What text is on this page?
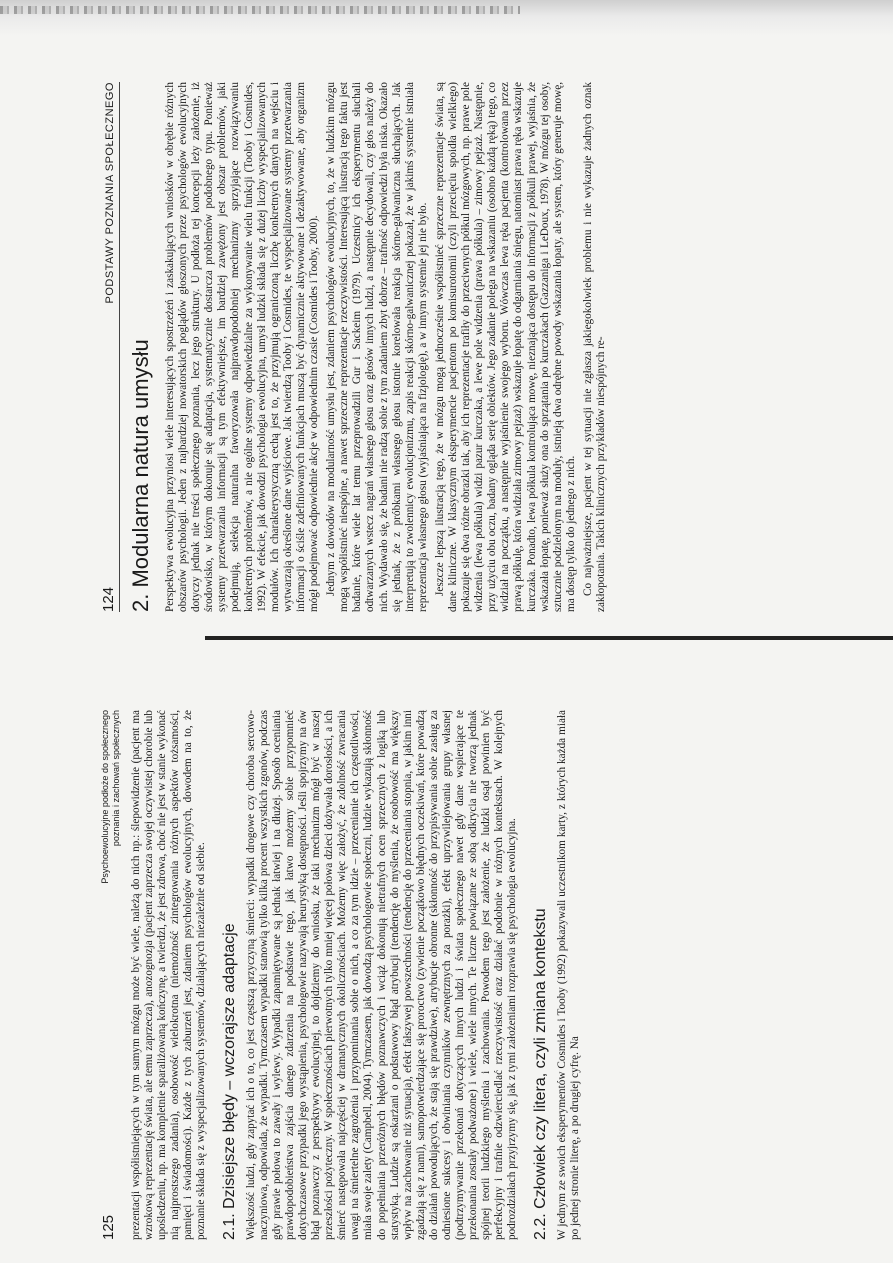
124
PODSTAWY POZNANIA SPOŁECZNEGO
2. Modularna natura umysłu Perspektywa ewolucyjna przyniosi wiele interesujących spostrzeżeń i zaskakujących wniosków w obrębie różnych obszarów psychologii. Jeden z najbardziej nowatorskich poglądów głoszonych przez psychologów ewolucyjnych dotyczy jednak nie treści społecznego poznania, lecz jego struktury. U podłoża tej koncepcji leży założenie, iż środowisko, w którym dokonuje się adaptacja, systematycznie dostarcza problemów podobnego typu. Ponieważ systemy przetwarzania informacji są tym efektywniejsze, im bardziej zawężony jest obszar problemów, jaki podejmują, selekcja naturalna faworyzowała najprawdopodobniej mechanizmy sprzyjające rozwiązywaniu konkretnych problemów, a nie ogólne systemy odpowiedzialne za wykonywanie wielu funkcji (Tooby i Cosmides, 1992). W efekcie, jak dowodzi psychologia ewolucyjna, umysł ludzki składa się z dużej liczby wyspecjalizowanych modułów. Ich charakterystyczną cechą jest to, że przyjmują ograniczoną liczbę konkretnych danych na wejściu i wytwarzają określone dane wyjściowe. Jak twierdzą Tooby i Cosmides, te wyspecjalizowane systemy przetwarzania informacji o ściśle zdefiniowanych funkcjach muszą być dynamicznie aktywowane i dezaktywowane, aby organizm mógł podejmować odpowiednie akcje w odpowiednim czasie (Cosmides i Tooby, 2000). Jednym z dowodów na modularność umysłu jest, zdaniem psychologów ewolucyjnych, to, że w ludzkim mózgu mogą współistnieć niespójne, a nawet sprzeczne reprezentacje rzeczywistości. Interesującą ilustracją tego faktu jest badanie, które wiele lat temu przeprowadzili Gur i Sackeim (1979). Uczestnicy ich eksperymentu słuchali odtwarzanych wstecz nagrań własnego głosu oraz głosów innych ludzi, a następnie decydowali, czy głos należy do nich. Wydawało się, że badani nie radzą sobie z tym zadaniem zbyt dobrze – trafność odpowiedzi była niska. Okazało się jednak, że z próbkami własnego głosu istotnie korelowała reakcja skórno-galwaniczna słuchających. Jak interpretują to zwolennicy ewolucjonizmu, zapis reakcji skórno-galwanicznej pokazał, że w jakimś systemie istniała reprezentacja własnego głosu (wyjaśniająca na fizjologię), a w innym systemie jej nie było. Jeszcze lepszą ilustracją tego, że w mózgu mogą jednocześnie współistnieć sprzeczne reprezentacje świata, są dane kliniczne. W klasycznym eksperymencie pacjentom po komisurotomii (czyli przecięciu spoidła wielkiego) pokazuje się dwa różne obrazki tak, aby ich reprezentacje trafiły do przeciwnych półkul mózgowych, np. prawe pole widzenia (lewa półkula) widzi pazur kurczaka, a lewe pole widzenia (prawa półkula) – zimowy pejzaż. Następnie, przy użyciu obu oczu, badany ogląda serię obiektów. Jego zadanie polega na wskazaniu (osobno każdą ręką) tego, co widział na początku, a następnie wyjaśnienie swojego wyboru. Wówczas lewa ręka pacjenta (kontrolowana przez prawą półkulę, która widziała zimowy pejzaż) wskazuje łopatę do odgarniania śniegu, natomiast prawa ręka wskazuje kurczaka. Ponadto, lewa półkula kontrolująca mowę, nieznająca dostępu do informacji z półkuli prawej, wyjaśnia, że wskazała łopatę, ponieważ służy ona do sprzątania po kurczakach (Gazzaniga i LeDoux, 1978). W mózgu tej osoby, sztucznie podzielonym na moduły, istnieją dwa odrębne powody wskazania łopaty, ale system, który generuje mowę, ma dostęp tylko do jednego z nich. Co najważniejsze, pacjent w tej sytuacji nie zgłasza jakiegokolwiek problemu i nie wykazuje żadnych oznak zakłopotania. Takich klinicznych przykładów niespójnych re-

125
Psychoewolucyjne podłoże do społecznego
poznania i zachowań społecznych prezentacji współistniejących w tym samym mózgu może być wiele, należą do nich np.: ślepowidzenie (pacjent ma wzrokową reprezentację świata, ale temu zaprzecza), anozognozja (pacjent zaprzecza swojej oczywistej chorobie lub upośledzeniu, np. ma kompletnie sparaliżowaną kończynę, a twierdzi, że jest zdrowa, choć nie jest w stanie wykonać nią najprostszego zadania), osobowość wielokrotna (niemożność zintegrowania różnych aspektów tożsamości, pamięci i świadomości). Każde z tych zaburzeń jest, zdaniem psychologów ewolucyjnych, dowodem na to, że poznanie składa się z wyspecjalizowanych systemów, działających niezależnie od siebie. 2.1. Dzisiejsze błędy – wczorajsze adaptacje Większość ludzi, gdy zapytać ich o to, co jest częstszą przyczyną śmierci: wypadki drogowe czy choroba sercowo-naczyniowa, odpowiada, że wypadki. Tymczasem wypadki stanowią tylko kilka procent wszystkich zgonów, podczas gdy prawie połowa to zawały i wylewy. Wypadki zapamiętywane są jednak łatwiej i na dłużej. Sposób oceniania prawdopodobieństwa zajścia danego zdarzenia na podstawie tego, jak łatwo możemy sobie przypomnieć dotychczasowe przypadki jego wystąpienia, psychologowie nazywają heurystyką dostępności. Jeśli spojrzymy na ów błąd poznawczy z perspektywy ewolucyjnej, to dojdziemy do wniosku, że taki mechanizm mógł być w naszej przeszłości pożyteczny. W społecznościach pierwotnych tylko mniej więcej połowa dzieci dożywała dorosłości, a ich śmierć następowała najczęściej w dramatycznych okolicznościach. Możemy więc założyć, że zdolność zwracania uwagi na śmiertelne zagrożenia i przypominania sobie o nich, a co za tym idzie – przecenianie ich częstotliwości, miała swoje zalety (Campbell, 2004). Tymczasem, jak dowodzą psychologowie społeczni, ludzie wykazują skłonność do popełniania przeróżnych błędów poznawczych i wciąż dokonują nietrafnych ocen sprzecznych z logiką lub statystyką. Ludzie są oskarżani o podstawowy błąd atrybucji (tendencję do myślenia, że osobowość ma większy wpływ na zachowanie niż sytuacja), efekt fałszywej powszechności (tendencję do przeceniania stopnia, w jakim inni zgadzają się z nami), samopotwierdzające się proroctwo (zywienie początkowo błędnych oczekiwań, które powadzą do działań powodujących, że stają się prawdziwe), atrybucje obronne (skłonność do przypisywania sobie zasług za odniesione sukcesy i obwiniania czynników zewnętrznych za porażki), efekt uprzywilejowania grupy własnej (podtrzymywanie przekonań dotyczących innych ludzi i świata społecznego nawet gdy dane wspierające te przekonania zostały podważone) i wiele, wiele innych. Te liczne powiązane ze sobą odkrycia nie tworzą jednak spójnej teorii ludzkiego myślenia i zachowania. Powodem tego jest założenie, że ludzki osąd powinien być perfekcyjny i trafnie odzwierciedlać rzeczywistość oraz działać podobnie w różnych kontekstach. W kolejnych podrozdziałach przyjrzymy się, jak z tymi założeniami rozprawia się psychologia ewolucyjna. 2.2. Człowiek czy litera, czyli zmiana kontekstu W jednym ze swoich eksperymentów Cosmides i Tooby (1992) pokazywali uczestnikom karty, z których każda miała po jednej stronie literę, a po drugiej cyfrę. Na
